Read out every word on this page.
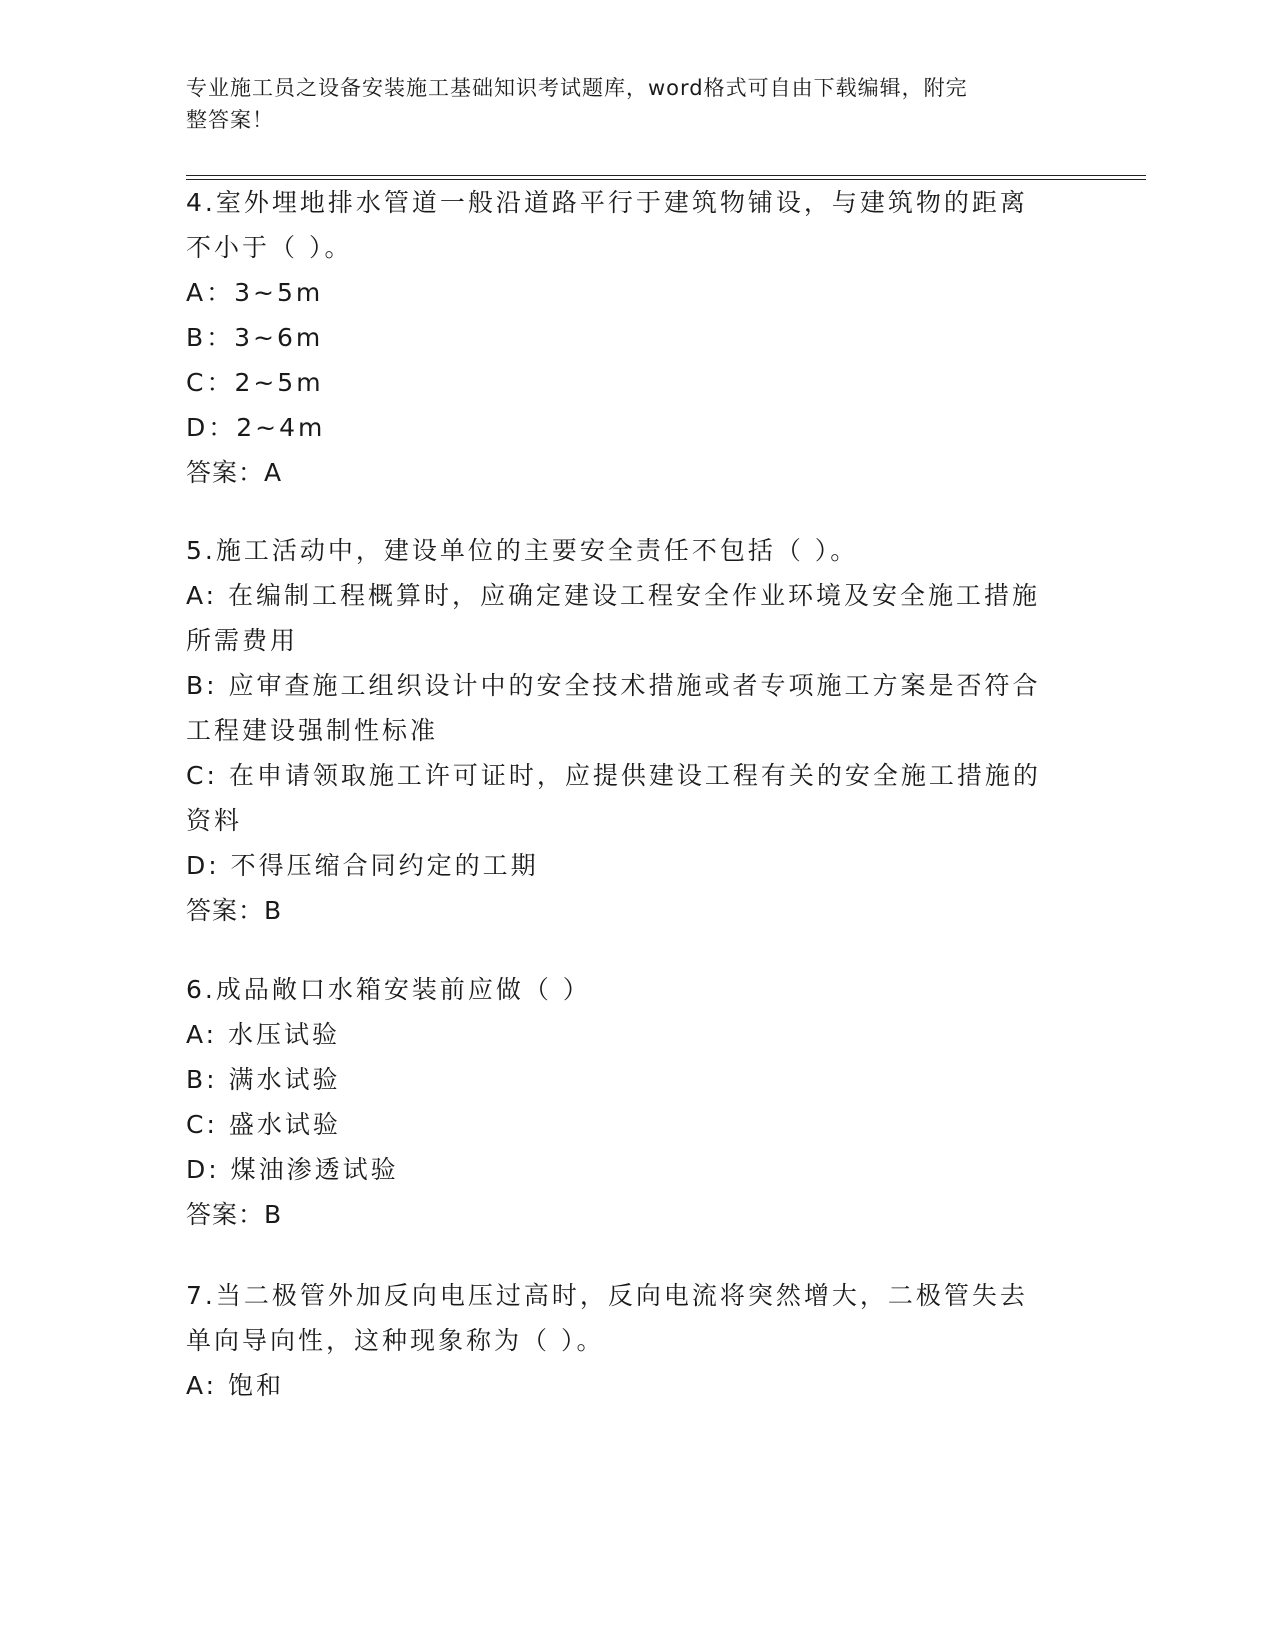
专业施工员之设备安装施工基础知识考试题库，word格式可自由下载编辑，附完
整答案！
4.室外埋地排水管道一般沿道路平行于建筑物铺设，与建筑物的距离
不小于（ ）。
A：3~5m
B：3~6m
C：2~5m
D：2~4m
答案：A
5.施工活动中，建设单位的主要安全责任不包括（ ）。
A: 在编制工程概算时，应确定建设工程安全作业环境及安全施工措施
所需费用
B: 应审查施工组织设计中的安全技术措施或者专项施工方案是否符合
工程建设强制性标准
C: 在申请领取施工许可证时，应提供建设工程有关的安全施工措施的
资料
D: 不得压缩合同约定的工期
答案：B
6.成品敞口水箱安装前应做（ ）
A: 水压试验
B: 满水试验
C: 盛水试验
D: 煤油渗透试验
答案：B
7.当二极管外加反向电压过高时，反向电流将突然增大，二极管失去
单向导向性，这种现象称为（ ）。
A: 饱和
